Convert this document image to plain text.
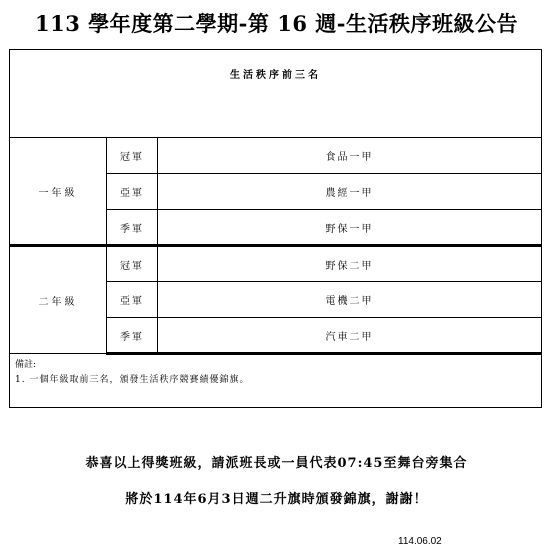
113 學年度第二學期-第 16 週-生活秩序班級公告
生活秩序前三名		
一年級	冠軍	食品一甲
	亞軍	農經一甲
	季軍	野保一甲
二年級	冠軍	野保二甲
	亞軍	電機二甲
	季軍	汽車二甲

備註:
1. 一個年級取前三名，頒發生活秩序競賽績優錦旗。		
恭喜以上得獎班級，請派班長或一員代表07:45至舞台旁集合
將於114年6月3日週二升旗時頒發錦旗，謝謝！
114.06.02
